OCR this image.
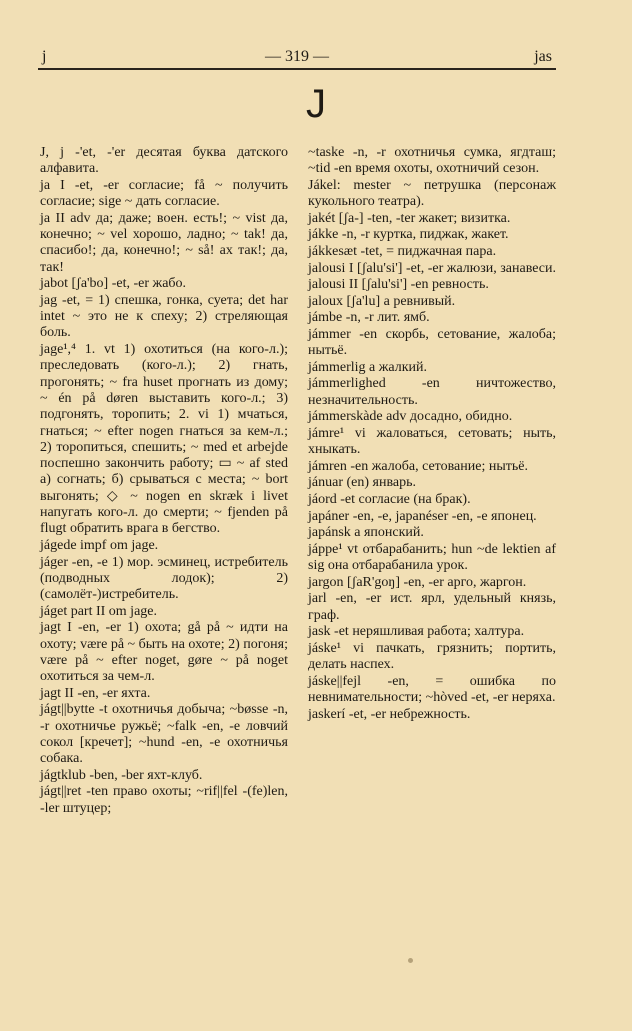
j	— 319 —	jas
J

J, j -'et, -'er десятая буква датского алфавита.

ja I -et, -er согласие; få ~ получить согласие; sige ~ дать согласие.

ja II adv да; даже; воен. есть!; ~ vist да, конечно; ~ vel хорошо, ладно; ~ tak! да, спасибо!; да, конечно!; ~ så! ах так!; да, так!

jabot [ʃa'bo] -et, -er жабо.

jag -et, = 1) спешка, гонка, суета; det har intet ~ это не к спеху; 2) стреляющая боль.

jage¹,⁴ 1. vt 1) охотиться (на кого-л.); преследовать (кого-л.); 2) гнать, прогонять; ~ fra huset прогнать из дому; ~ én på døren выставить кого-л.; 3) подгонять, торопить; 2. vi 1) мчаться, гнаться; ~ efter nogen гнаться за кем-л.; 2) торопиться, спешить; ~ med et arbejde поспешно закончить работу; ▭ ~ af sted a) согнать; б) срываться с места; ~ bort выгонять; ◇ ~ nogen en skræk i livet напугать кого-л. до смерти; ~ fjenden på flugt обратить врага в бегство.

jágede impf om jage.

jáger -en, -e 1) мор. эсминец, истребитель (подводных лодок); 2) (самолёт-)истребитель.

jáget part II om jage.

jagt I -en, -er 1) охота; gå på ~ идти на охоту; være på ~ быть на охоте; 2) погоня; være på ~ efter noget, gøre ~ på noget охотиться за чем-л.

jagt II -en, -er яхта.

jágt||bytte -t охотничья добыча; ~bøsse -n, -r охотничье ружьё; ~falk -en, -e ловчий сокол [кречет]; ~hund -en, -e охотничья собака.

jágtklub -ben, -ber яхт-клуб.

jágt||ret -ten право охоты; ~rif||fel -(fe)len, -ler штуцер;

~taske -n, -r охотничья сумка, ягдташ; ~tid -en время охоты, охотничий сезон.

Jákel: mester ~ петрушка (персонаж кукольного театра).

jakét [ʃa-] -ten, -ter жакет; визитка.

jákke -n, -r куртка, пиджак, жакет.

jákkesæt -tet, = пиджачная пара.

jalousi I [ʃalu'si'] -et, -er жалюзи, занавеси.

jalousi II [ʃalu'si'] -en ревность.

jaloux [ʃa'lu] a ревнивый.

jámbe -n, -r лит. ямб.

jámmer -en скорбь, сетование, жалоба; нытьё.

jámmerlig a жалкий.

jámmerlighed -en ничтожество, незначительность.

jámmerskàde adv досадно, обидно.

jámre¹ vi жаловаться, сетовать; ныть, хныкать.

jámren -en жалоба, сетование; нытьё.

jánuar (en) январь.

jáord -et согласие (на брак).

japáner -en, -e, japanéser -en, -e японец.

japánsk a японский.

jáppe¹ vt отбарабанить; hun ~de lektien af sig она отбарабанила урок.

jargon [ʃaR'goŋ] -en, -er арго, жаргон.

jarl -en, -er ист. ярл, удельный князь, граф.

jask -et неряшливая работа; халтура.

jáske¹ vi пачкать, грязнить; портить, делать наспех.

jáske||fejl -en, = ошибка по невнимательности; ~hòved -et, -er неряха.

jaskerí -et, -er небрежность.
